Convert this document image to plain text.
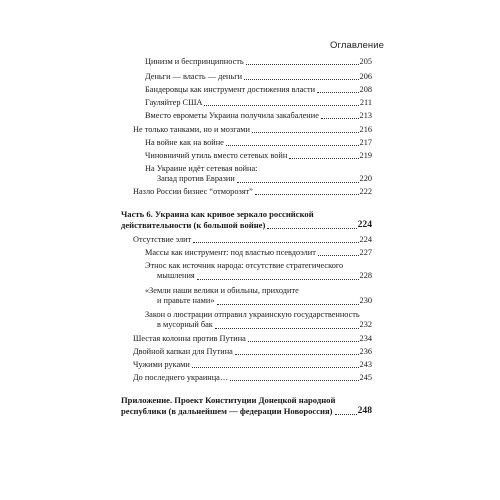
Оглавление
Цинизм и беспринципность	205
Деньги — власть — деньги	206
Бандеровцы как инструмент достижения власти	208
Гауляйтер США	211
Вместо еврометы Украина получила закабаление	213
Не только танками, но и мозгами	216
На войне как на войне	217
Чиновничий утиль вместо сетевых войн	219
На Украине идёт сетевая война:
Запад против Евразии	220
Назло России бизнес “отморозят”	222
Часть 6. Украина как кривое зеркало российской
действительности (к большой войне)	224
Отсутствие элит	224
Массы как инструмент: под властью псевдоэлит	227
Этнос как источник народа: отсутствие стратегического
мышления	228
«Земли наши велики и обильны, приходите
и правьте нами»	230
Закон о люстрации отправил украинскую государственность
в мусорный бак	232
Шестая колонна против Путина	234
Двойной капкан для Путина	236
Чужими руками	243
До последнего украинца…	245
Приложение. Проект Конституции Донецкой народной
республики (в дальнейшем — федерации Новороссия)	248
